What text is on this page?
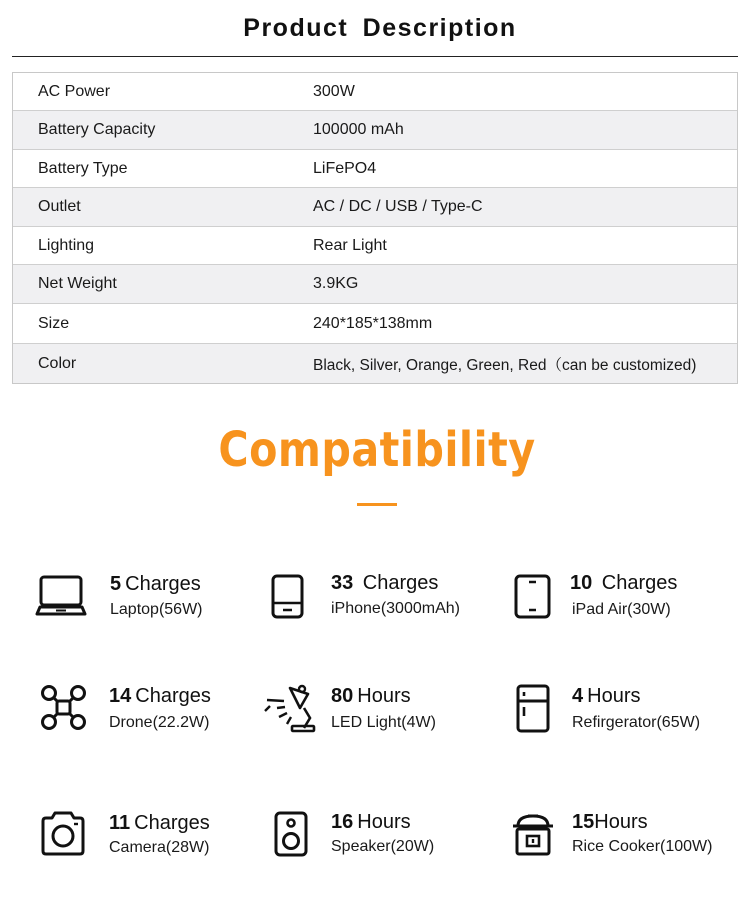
Product Description
AC Power	300W
Battery Capacity	100000 mAh
Battery Type	LiFePO4
Outlet	AC / DC / USB / Type-C
Lighting	Rear Light
Net Weight	3.9KG
Size	240*185*138mm
Color	Black, Silver, Orange, Green, Red（can be customized)
Compatibility
5 Charges
Laptop(56W)
33 Charges
iPhone(3000mAh)
10 Charges
iPad Air(30W)
14 Charges
Drone(22.2W)
80 Hours
LED Light(4W)
4 Hours
Refirgerator(65W)
11 Charges
Camera(28W)
16 Hours
Speaker(20W)
15Hours
Rice Cooker(100W)
